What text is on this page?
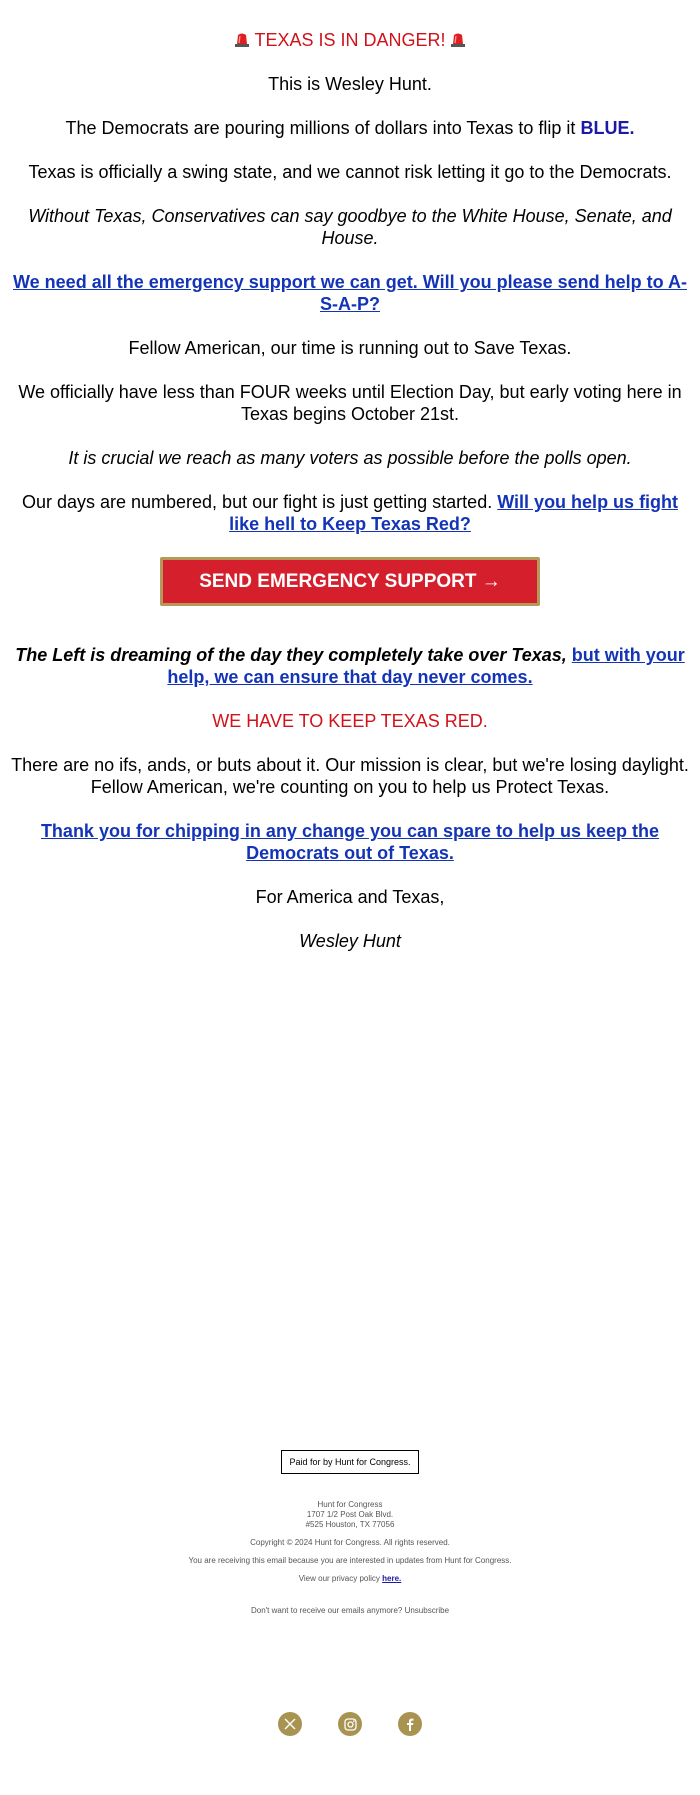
TEXAS IS IN DANGER!

This is Wesley Hunt.

The Democrats are pouring millions of dollars into Texas to flip it BLUE.

Texas is officially a swing state, and we cannot risk letting it go to the Democrats.

Without Texas, Conservatives can say goodbye to the White House, Senate, and House.

We need all the emergency support we can get. Will you please send help to A-S-A-P?

Fellow American, our time is running out to Save Texas.

We officially have less than FOUR weeks until Election Day, but early voting here in Texas begins October 21st.

It is crucial we reach as many voters as possible before the polls open.

Our days are numbered, but our fight is just getting started. Will you help us fight like hell to Keep Texas Red?

SEND EMERGENCY SUPPORT →

The Left is dreaming of the day they completely take over Texas, but with your help, we can ensure that day never comes.

WE HAVE TO KEEP TEXAS RED.

There are no ifs, ands, or buts about it. Our mission is clear, but we're losing daylight. Fellow American, we're counting on you to help us Protect Texas.

Thank you for chipping in any change you can spare to help us keep the Democrats out of Texas.

For America and Texas,

Wesley Hunt

Paid for by Hunt for Congress.

Hunt for Congress
1707 1/2 Post Oak Blvd.
#525 Houston, TX 77056

Copyright © 2024 Hunt for Congress. All rights reserved.

You are receiving this email because you are interested in updates from Hunt for Congress.

View our privacy policy here.

Don't want to receive our emails anymore? Unsubscribe
